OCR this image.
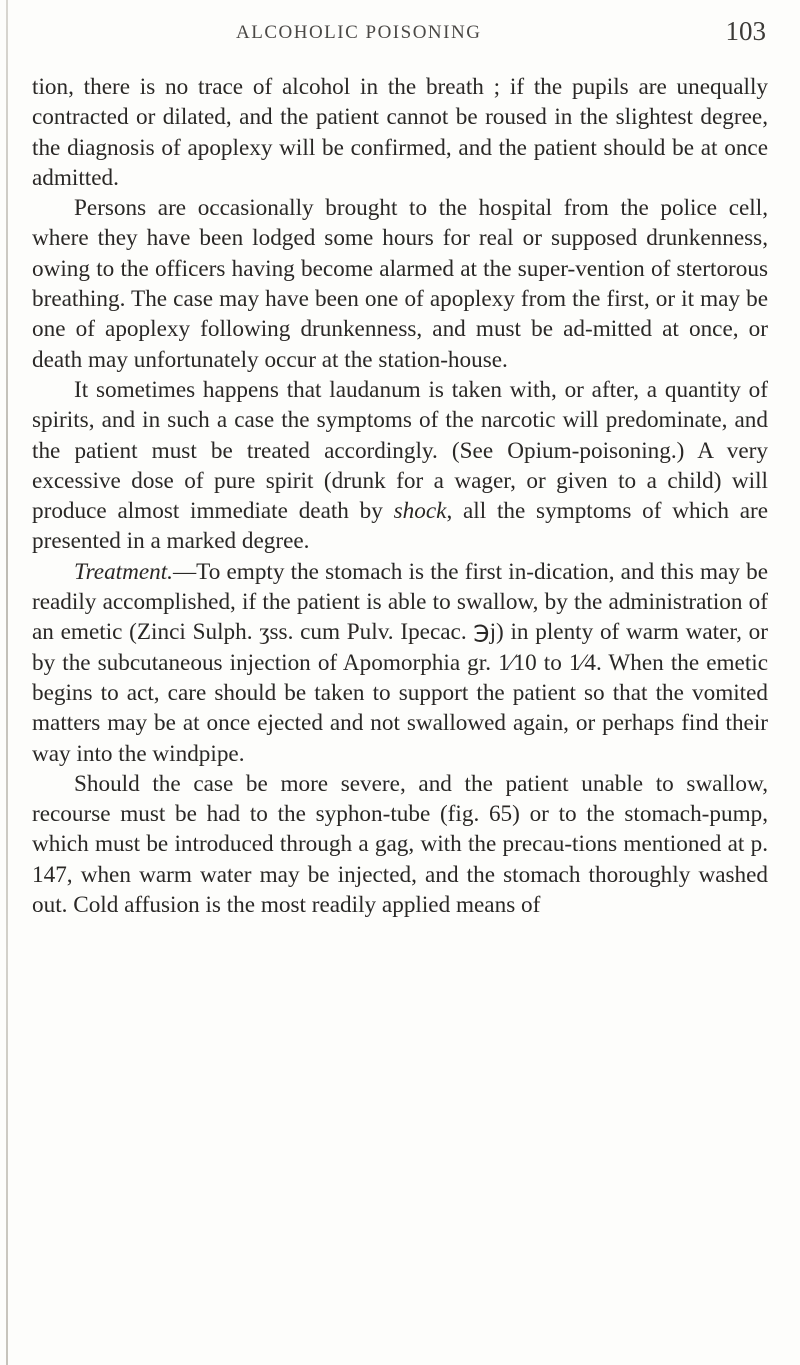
ALCOHOLIC POISONING	103

tion, there is no trace of alcohol in the breath ; if the pupils are unequally contracted or dilated, and the patient cannot be roused in the slightest degree, the diagnosis of apoplexy will be confirmed, and the patient should be at once admitted.

Persons are occasionally brought to the hospital from the police cell, where they have been lodged some hours for real or supposed drunkenness, owing to the officers having become alarmed at the super-vention of stertorous breathing. The case may have been one of apoplexy from the first, or it may be one of apoplexy following drunkenness, and must be ad-mitted at once, or death may unfortunately occur at the station-house.

It sometimes happens that laudanum is taken with, or after, a quantity of spirits, and in such a case the symptoms of the narcotic will predominate, and the patient must be treated accordingly. (See Opium-poisoning.) A very excessive dose of pure spirit (drunk for a wager, or given to a child) will produce almost immediate death by shock, all the symptoms of which are presented in a marked degree.

Treatment.—To empty the stomach is the first in-dication, and this may be readily accomplished, if the patient is able to swallow, by the administration of an emetic (Zinci Sulph. ʒss. cum Pulv. Ipecac. ℈j) in plenty of warm water, or by the subcutaneous injection of Apomorphia gr. 1⁄10 to 1⁄4. When the emetic begins to act, care should be taken to support the patient so that the vomited matters may be at once ejected and not swallowed again, or perhaps find their way into the windpipe.

Should the case be more severe, and the patient unable to swallow, recourse must be had to the syphon-tube (fig. 65) or to the stomach-pump, which must be introduced through a gag, with the precau-tions mentioned at p. 147, when warm water may be injected, and the stomach thoroughly washed out. Cold affusion is the most readily applied means of
